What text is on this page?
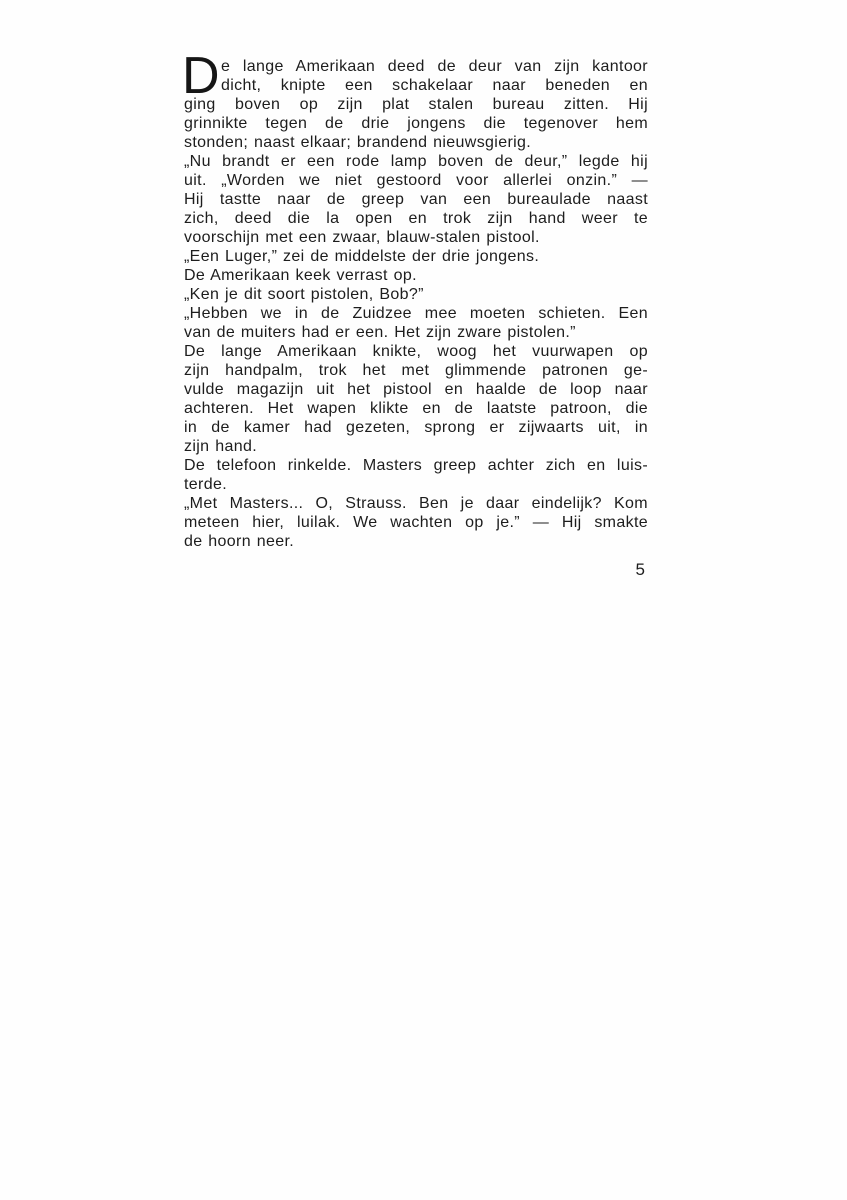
D e lange Amerikaan deed de deur van zijn kantoor
dicht, knipte een schakelaar naar beneden en
ging boven op zijn plat stalen bureau zitten. Hij
grinnikte tegen de drie jongens die tegenover hem
stonden; naast elkaar; brandend nieuwsgierig.
„Nu brandt er een rode lamp boven de deur,” legde hij
uit. „Worden we niet gestoord voor allerlei onzin.” —
Hij tastte naar de greep van een bureaulade naast
zich, deed die la open en trok zijn hand weer te
voorschijn met een zwaar, blauw-stalen pistool.
„Een Luger,” zei de middelste der drie jongens.
De Amerikaan keek verrast op.
„Ken je dit soort pistolen, Bob?”
„Hebben we in de Zuidzee mee moeten schieten. Een
van de muiters had er een. Het zijn zware pistolen.”
De lange Amerikaan knikte, woog het vuurwapen op
zijn handpalm, trok het met glimmende patronen ge-
vulde magazijn uit het pistool en haalde de loop naar
achteren. Het wapen klikte en de laatste patroon, die
in de kamer had gezeten, sprong er zijwaarts uit, in
zijn hand.
De telefoon rinkelde. Masters greep achter zich en luis-
terde.
„Met Masters... O, Strauss. Ben je daar eindelijk? Kom
meteen hier, luilak. We wachten op je.” — Hij smakte
de hoorn neer.
5
